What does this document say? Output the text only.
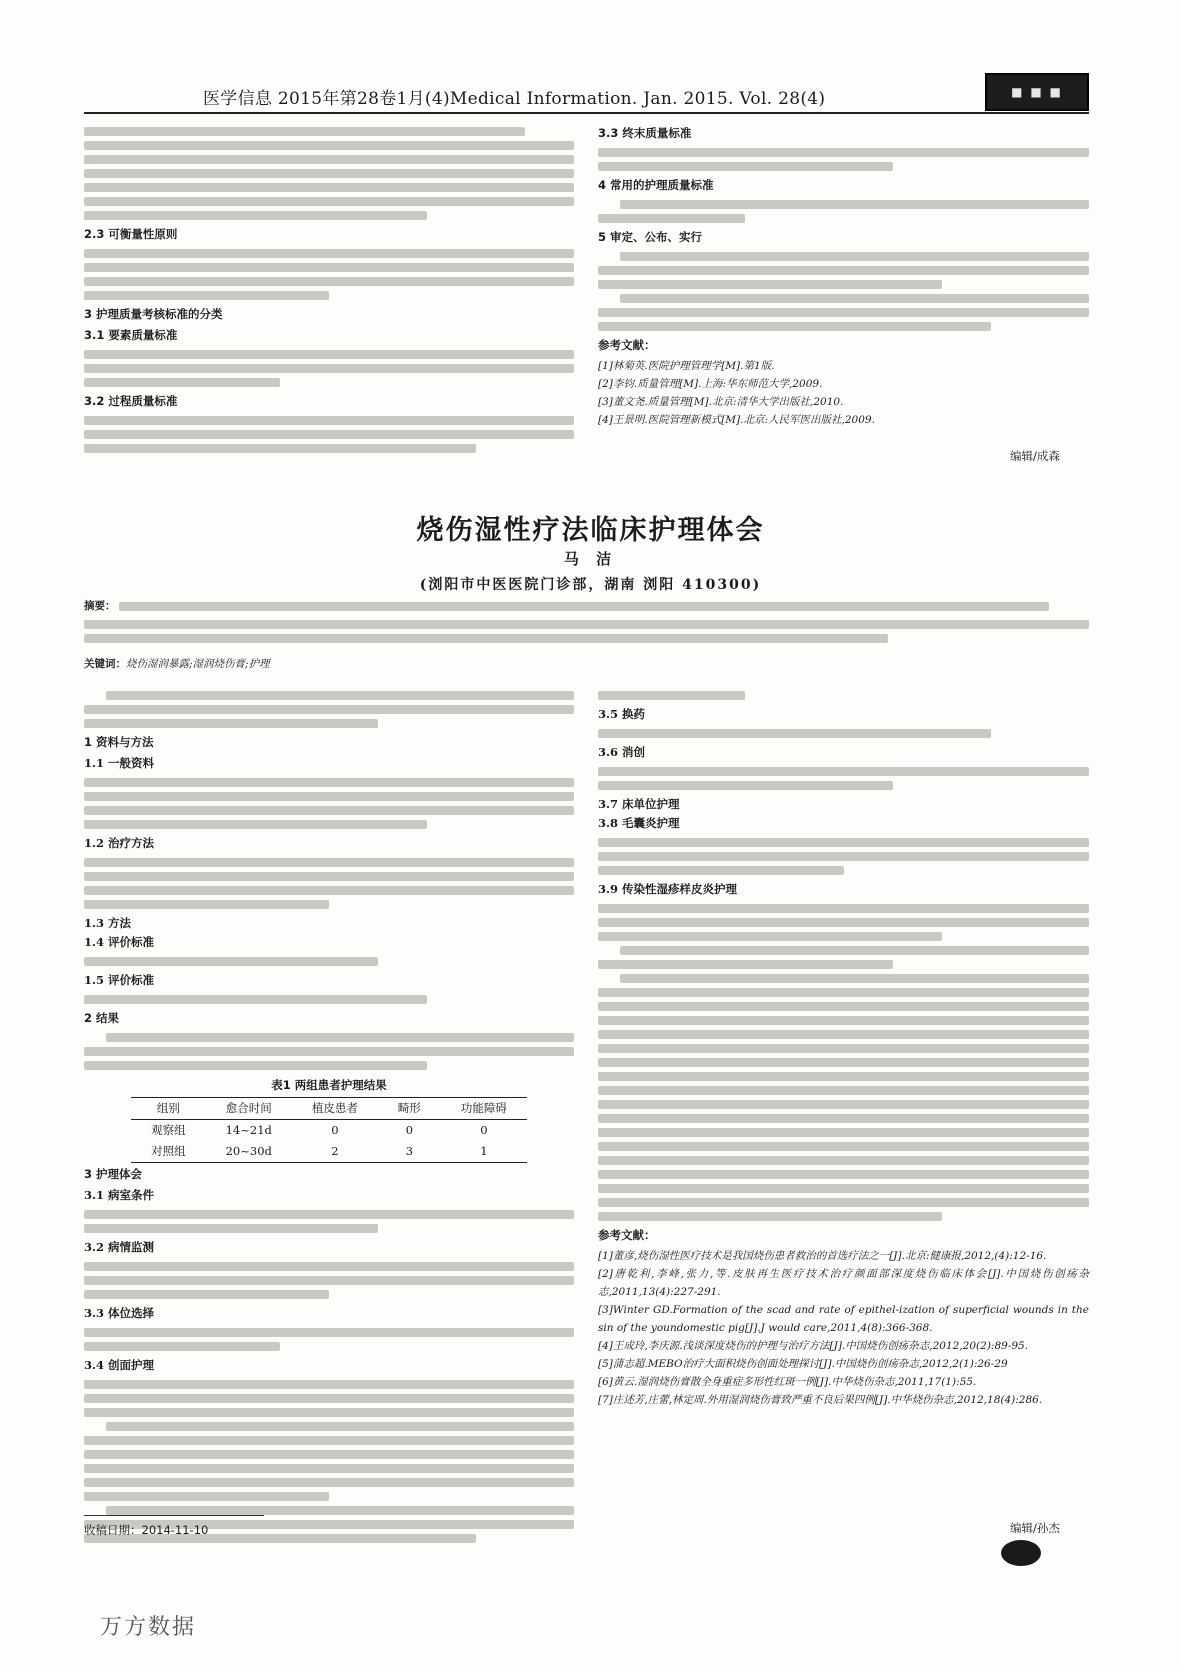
医学信息 2015年第28卷1月(4)Medical Information. Jan. 2015. Vol. 28(4)	■ ■ ■
2.3 可衡量性原则
3 护理质量考核标准的分类
3.1 要素质量标准
3.2 过程质量标准
3.3 终末质量标准
4 常用的护理质量标准
5 审定、公布、实行
参考文献：

[1]林菊英.医院护理管理学[M].第1版.

[2]李钧.质量管理[M].上海:华东师范大学,2009.

[3]董文尧.质量管理[M].北京:清华大学出版社,2010.

[4]王景明.医院管理新模式[M].北京:人民军医出版社,2009.

编辑/成森
烧伤湿性疗法临床护理体会
马 洁
(浏阳市中医医院门诊部，湖南 浏阳 410300)
摘要：
关键词：烧伤湿润暴露;湿润烧伤膏;护理
1 资料与方法
1.1 一般资料
1.2 治疗方法
1.3 方法
1.4 评价标准
1.5 评价标准
2 结果
表1 两组患者护理结果
组别	愈合时间	植皮患者	畸形	功能障碍
观察组	14~21d	0	0	0
对照组	20~30d	2	3	1
3 护理体会
3.1 病室条件
3.2 病情监测
3.3 体位选择
3.4 创面护理
3.5 换药
3.6 消创
3.7 床单位护理
3.8 毛囊炎护理
3.9 传染性湿疹样皮炎护理
参考文献：

[1]董彦,烧伤湿性医疗技术是我国烧伤患者救治的首选疗法之一[J].北京:健康报,2012,(4):12-16.

[2]唐乾利,李峰,张力,等.皮肤再生医疗技术治疗颜面部深度烧伤临床体会[J].中国烧伤创疡杂志,2011,13(4):227-291.

[3]Winter GD.Formation of the scad and rate of epithel-ization of superficial wounds in the sin of the youndomestic pig[J].J would care,2011,4(8):366-368.

[4]王成玲,李庆源.浅谈深度烧伤的护理与治疗方法[J].中国烧伤创疡杂志,2012,20(2):89-95.

[5]蒲志超.MEBO治疗大面积烧伤创面处理探讨[J].中国烧伤创疡杂志,2012,2(1):26-29

[6]黄云.湿润烧伤膏散全身重症多形性红斑一例[J].中华烧伤杂志,2011,17(1):55.

[7]庄述芳,庄蕾,林定周.外用湿润烧伤膏致严重不良后果四例[J].中华烧伤杂志,2012,18(4):286.

编辑/孙杰
收稿日期：2014-11-10
万方数据
